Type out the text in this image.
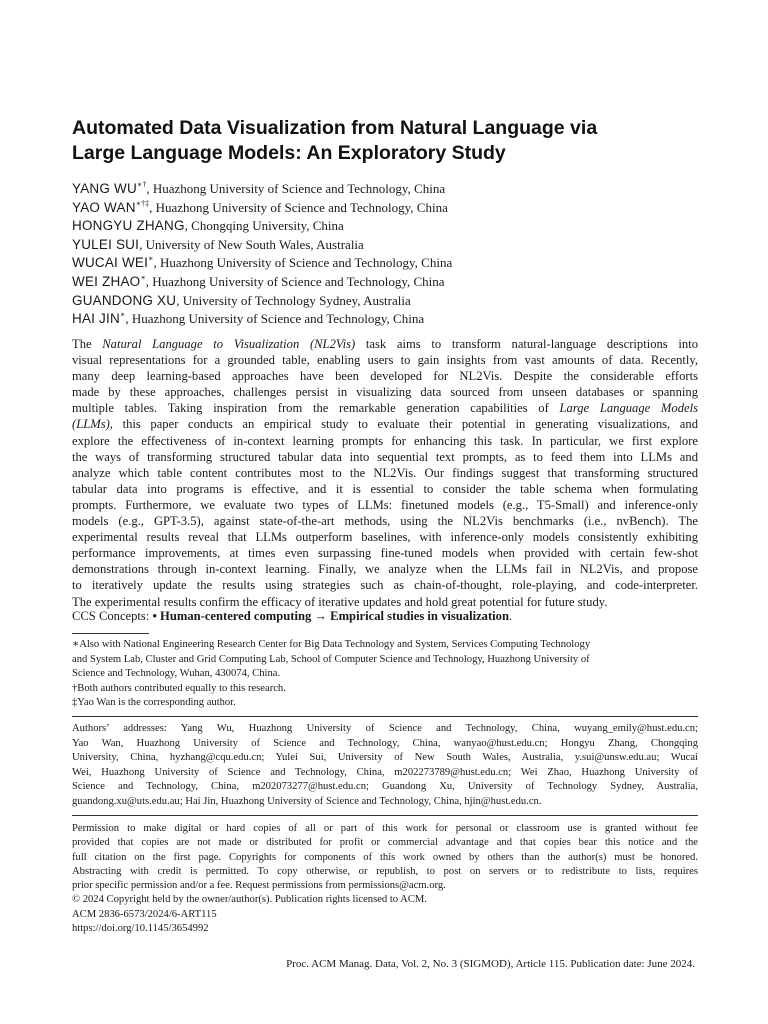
Automated Data Visualization from Natural Language via
Large Language Models: An Exploratory Study
YANG WU∗†, Huazhong University of Science and Technology, China
YAO WAN∗†‡, Huazhong University of Science and Technology, China
HONGYU ZHANG, Chongqing University, China
YULEI SUI, University of New South Wales, Australia
WUCAI WEI∗, Huazhong University of Science and Technology, China
WEI ZHAO∗, Huazhong University of Science and Technology, China
GUANDONG XU, University of Technology Sydney, Australia
HAI JIN∗, Huazhong University of Science and Technology, China
The Natural Language to Visualization (NL2Vis) task aims to transform natural-language descriptions into
visual representations for a grounded table, enabling users to gain insights from vast amounts of data. Recently,
many deep learning-based approaches have been developed for NL2Vis. Despite the considerable efforts
made by these approaches, challenges persist in visualizing data sourced from unseen databases or spanning
multiple tables. Taking inspiration from the remarkable generation capabilities of Large Language Models
(LLMs), this paper conducts an empirical study to evaluate their potential in generating visualizations, and
explore the effectiveness of in-context learning prompts for enhancing this task. In particular, we first explore
the ways of transforming structured tabular data into sequential text prompts, as to feed them into LLMs and
analyze which table content contributes most to the NL2Vis. Our findings suggest that transforming structured
tabular data into programs is effective, and it is essential to consider the table schema when formulating
prompts. Furthermore, we evaluate two types of LLMs: finetuned models (e.g., T5-Small) and inference-only
models (e.g., GPT-3.5), against state-of-the-art methods, using the NL2Vis benchmarks (i.e., nvBench). The
experimental results reveal that LLMs outperform baselines, with inference-only models consistently exhibiting
performance improvements, at times even surpassing fine-tuned models when provided with certain few-shot
demonstrations through in-context learning. Finally, we analyze when the LLMs fail in NL2Vis, and propose
to iteratively update the results using strategies such as chain-of-thought, role-playing, and code-interpreter.
The experimental results confirm the efficacy of iterative updates and hold great potential for future study.
CCS Concepts: • Human-centered computing → Empirical studies in visualization.
∗Also with National Engineering Research Center for Big Data Technology and System, Services Computing Technology
and System Lab, Cluster and Grid Computing Lab, School of Computer Science and Technology, Huazhong University of
Science and Technology, Wuhan, 430074, China.
†Both authors contributed equally to this research.
‡Yao Wan is the corresponding author.
Authors’ addresses: Yang Wu, Huazhong University of Science and Technology, China, wuyang_emily@hust.edu.cn;
Yao Wan, Huazhong University of Science and Technology, China, wanyao@hust.edu.cn; Hongyu Zhang, Chongqing
University, China, hyzhang@cqu.edu.cn; Yulei Sui, University of New South Wales, Australia, y.sui@unsw.edu.au; Wucai
Wei, Huazhong University of Science and Technology, China, m202273789@hust.edu.cn; Wei Zhao, Huazhong University of
Science and Technology, China, m202073277@hust.edu.cn; Guandong Xu, University of Technology Sydney, Australia,
guandong.xu@uts.edu.au; Hai Jin, Huazhong University of Science and Technology, China, hjin@hust.edu.cn.
Permission to make digital or hard copies of all or part of this work for personal or classroom use is granted without fee
provided that copies are not made or distributed for profit or commercial advantage and that copies bear this notice and the
full citation on the first page. Copyrights for components of this work owned by others than the author(s) must be honored.
Abstracting with credit is permitted. To copy otherwise, or republish, to post on servers or to redistribute to lists, requires
prior specific permission and/or a fee. Request permissions from permissions@acm.org.
© 2024 Copyright held by the owner/author(s). Publication rights licensed to ACM.
ACM 2836-6573/2024/6-ART115
https://doi.org/10.1145/3654992
Proc. ACM Manag. Data, Vol. 2, No. 3 (SIGMOD), Article 115. Publication date: June 2024.
